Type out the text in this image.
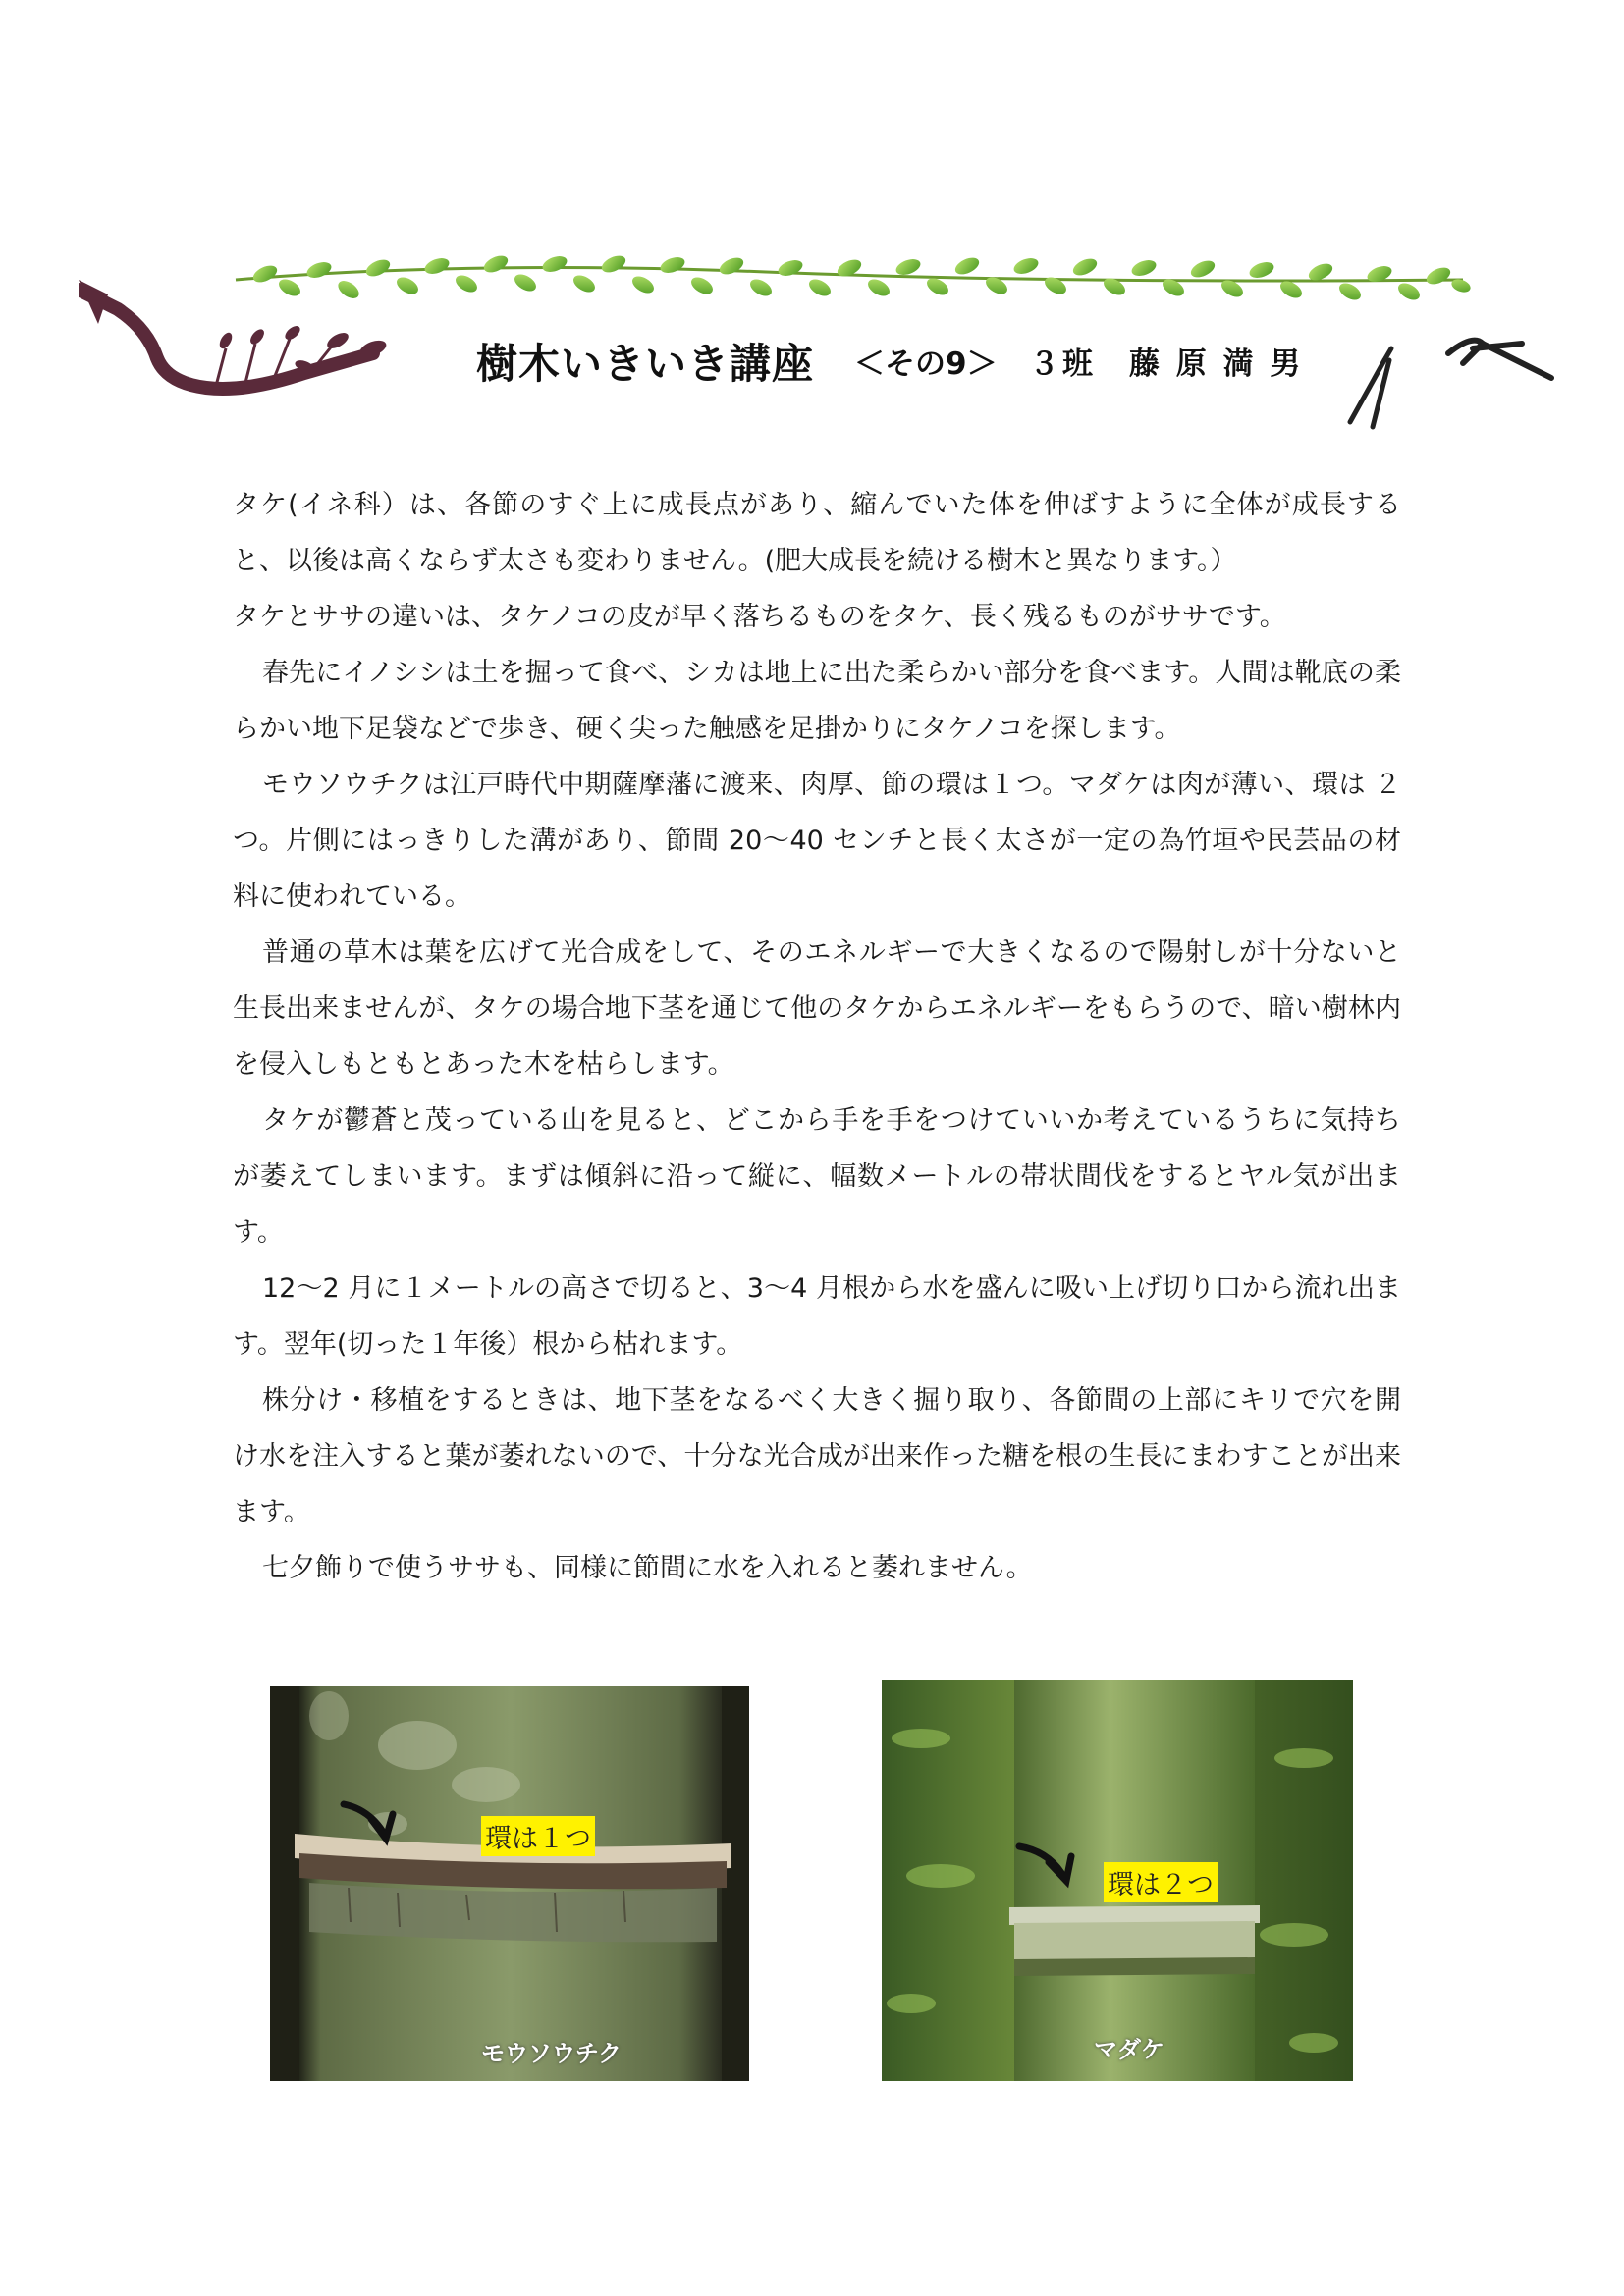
樹木いきいき講座 ＜その9＞ ３班　藤 原 満 男

タケ(イネ科）は、各節のすぐ上に成長点があり、縮んでいた体を伸ばすように全体が成長すると、以後は高くならず太さも変わりません。(肥大成長を続ける樹木と異なります。）

タケとササの違いは、タケノコの皮が早く落ちるものをタケ、長く残るものがササです。

春先にイノシシは土を掘って食べ、シカは地上に出た柔らかい部分を食べます。人間は靴底の柔らかい地下足袋などで歩き、硬く尖った触感を足掛かりにタケノコを探します。

モウソウチクは江戸時代中期薩摩藩に渡来、肉厚、節の環は１つ。マダケは肉が薄い、環は ２ つ。片側にはっきりした溝があり、節間 20～40 センチと長く太さが一定の為竹垣や民芸品の材料に使われている。

普通の草木は葉を広げて光合成をして、そのエネルギーで大きくなるので陽射しが十分ないと生長出来ませんが、タケの場合地下茎を通じて他のタケからエネルギーをもらうので、暗い樹林内を侵入しもともとあった木を枯らします。

タケが鬱蒼と茂っている山を見ると、どこから手を手をつけていいか考えているうちに気持ちが萎えてしまいます。まずは傾斜に沿って縦に、幅数メートルの帯状間伐をするとヤル気が出ます。

12～2 月に１メートルの高さで切ると、3～4 月根から水を盛んに吸い上げ切り口から流れ出ます。翌年(切った１年後）根から枯れます。

株分け・移植をするときは、地下茎をなるべく大きく掘り取り、各節間の上部にキリで穴を開け水を注入すると葉が萎れないので、十分な光合成が出来作った糖を根の生長にまわすことが出来ます。

七夕飾りで使うササも、同様に節間に水を入れると萎れません。

環は１つ
モウソウチク
環は２つ
マダケ
